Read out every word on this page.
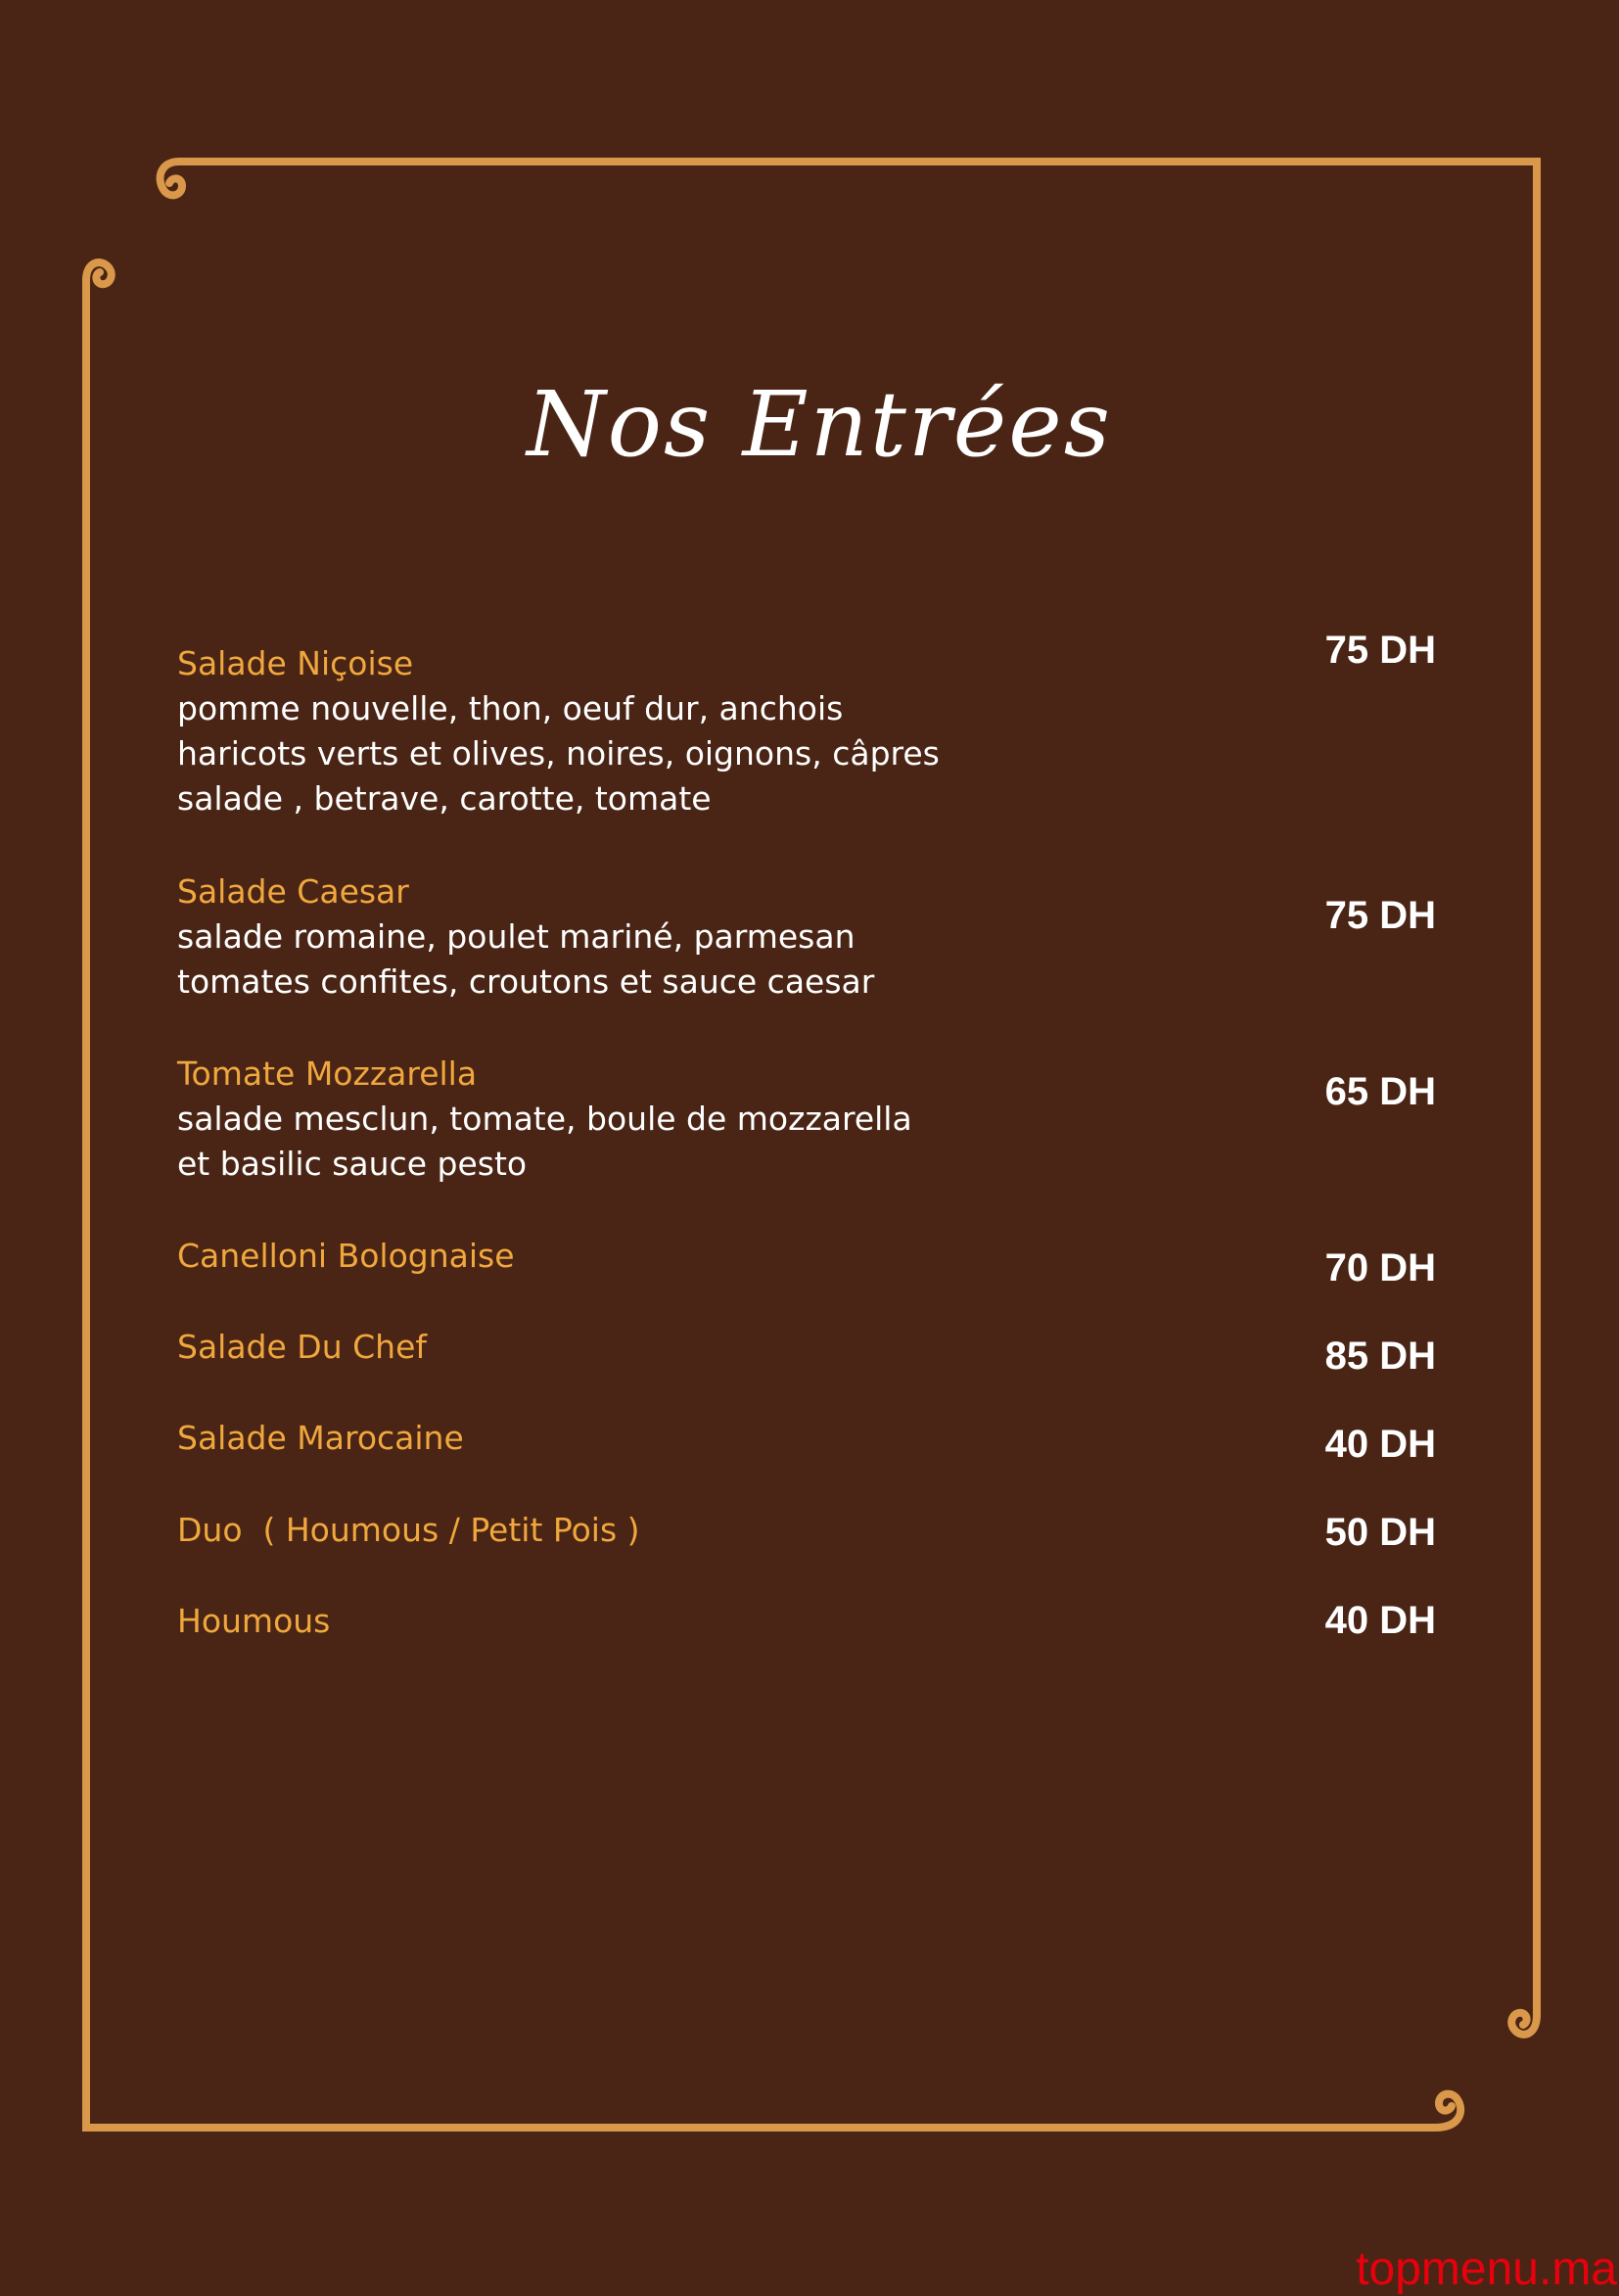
Nos Entrées
Salade Niçoise
pomme nouvelle, thon, oeuf dur, anchois
haricots verts et olives, noires, oignons, câpres
salade , betrave, carotte, tomate
75 DH
Salade Caesar
salade romaine, poulet mariné, parmesan
tomates confites, croutons et sauce caesar
75 DH
Tomate Mozzarella
salade mesclun, tomate, boule de mozzarella
et basilic sauce pesto
65 DH
Canelloni Bolognaise	70 DH
Salade Du Chef	85 DH
Salade Marocaine	40 DH
Duo  ( Houmous / Petit Pois )	50 DH
Houmous	40 DH
topmenu.ma
